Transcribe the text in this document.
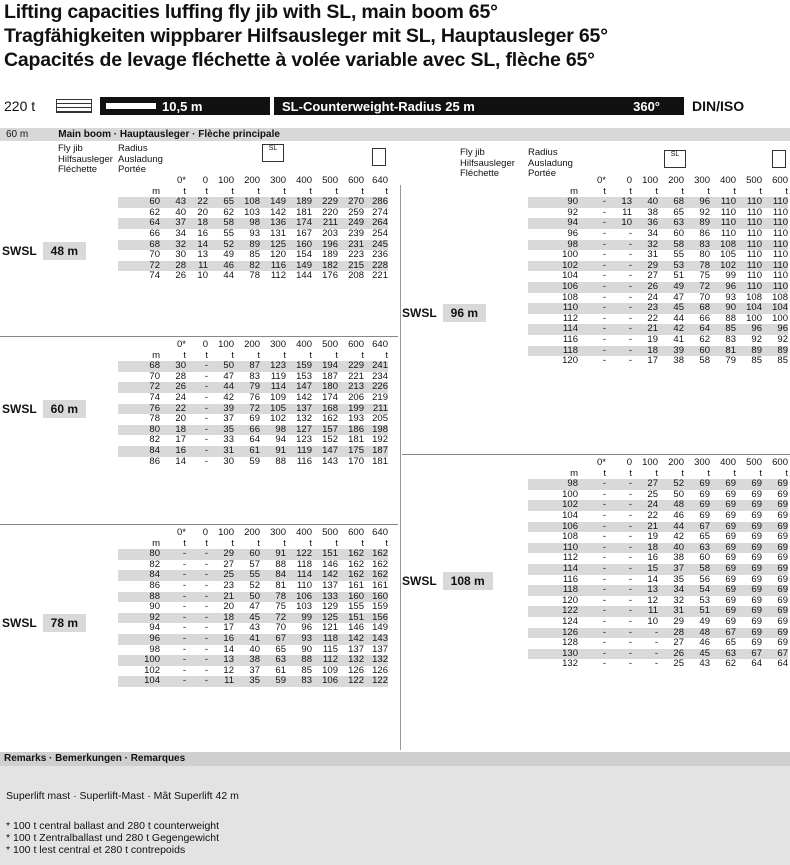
Lifting capacities luffing fly jib with SL, main boom 65°
Tragfähigkeiten wippbarer Hilfsausleger mit SL, Hauptausleger 65°
Capacités de levage fléchette à volée variable avec SL, flèche 65°
220 t	10,5 m	SL-Counterweight-Radius 25 m	360° DIN/ISO
60 m	Main boom · Hauptausleger · Flèche principale
Fly jib
Hilfsausleger
Fléchette
Radius
Ausladung
Portée
SL	Fly jib
Hilfsausleger
Fléchette
Radius
Ausladung
Portée
SL
	0*	0	100	200	300	400	500	600	640
m	t	t	t	t	t	t	t	t	t
60	43	22	65	108	149	189	229	270	286
62	40	20	62	103	142	181	220	259	274
64	37	18	58	98	136	174	211	249	264
66	34	16	55	93	131	167	203	239	254
68	32	14	52	89	125	160	196	231	245
70	30	13	49	85	120	154	189	223	236
72	28	11	46	82	116	149	182	215	228
74	26	10	44	78	112	144	176	208	221
SWSL 48 m
	0*	0	100	200	300	400	500	600	640
m	t	t	t	t	t	t	t	t	t
68	30	-	50	87	123	159	194	229	241
70	28	-	47	83	119	153	187	221	234
72	26	-	44	79	114	147	180	213	226
74	24	-	42	76	109	142	174	206	219
76	22	-	39	72	105	137	168	199	211
78	20	-	37	69	102	132	162	193	205
80	18	-	35	66	98	127	157	186	198
82	17	-	33	64	94	123	152	181	192
84	16	-	31	61	91	119	147	175	187
86	14	-	30	59	88	116	143	170	181
SWSL 60 m
	0*	0	100	200	300	400	500	600	640
m	t	t	t	t	t	t	t	t	t
80	-	-	29	60	91	122	151	162	162
82	-	-	27	57	88	118	146	162	162
84	-	-	25	55	84	114	142	162	162
86	-	-	23	52	81	110	137	161	161
88	-	-	21	50	78	106	133	160	160
90	-	-	20	47	75	103	129	155	159
92	-	-	18	45	72	99	125	151	156
94	-	-	17	43	70	96	121	146	149
96	-	-	16	41	67	93	118	142	143
98	-	-	14	40	65	90	115	137	137
100	-	-	13	38	63	88	112	132	132
102	-	-	12	37	61	85	109	126	126
104	-	-	11	35	59	83	106	122	122
SWSL 78 m
	0*	0	100	200	300	400	500	600
m	t	t	t	t	t	t	t	t
90	-	13	40	68	96	110	110	110
92	-	11	38	65	92	110	110	110
94	-	10	36	63	89	110	110	110
96	-	-	34	60	86	110	110	110
98	-	-	32	58	83	108	110	110
100	-	-	31	55	80	105	110	110
102	-	-	29	53	78	102	110	110
104	-	-	27	51	75	99	110	110
106	-	-	26	49	72	96	110	110
108	-	-	24	47	70	93	108	108
110	-	-	23	45	68	90	104	104
112	-	-	22	44	66	88	100	100
114	-	-	21	42	64	85	96	96
116	-	-	19	41	62	83	92	92
118	-	-	18	39	60	81	89	89
120	-	-	17	38	58	79	85	85
SWSL 96 m
	0*	0	100	200	300	400	500	600
m	t	t	t	t	t	t	t	t
98	-	-	27	52	69	69	69	69
100	-	-	25	50	69	69	69	69
102	-	-	24	48	69	69	69	69
104	-	-	22	46	69	69	69	69
106	-	-	21	44	67	69	69	69
108	-	-	19	42	65	69	69	69
110	-	-	18	40	63	69	69	69
112	-	-	16	38	60	69	69	69
114	-	-	15	37	58	69	69	69
116	-	-	14	35	56	69	69	69
118	-	-	13	34	54	69	69	69
120	-	-	12	32	53	69	69	69
122	-	-	11	31	51	69	69	69
124	-	-	10	29	49	69	69	69
126	-	-	-	28	48	67	69	69
128	-	-	-	27	46	65	69	69
130	-	-	-	26	45	63	67	67
132	-	-	-	25	43	62	64	64
SWSL 108 m
Remarks · Bemerkungen · Remarques
Superlift mast · Superlift-Mast · Mât Superlift 42 m
* 100 t central ballast and 280 t counterweight
* 100 t Zentralballast und 280 t Gegengewicht
* 100 t lest central et 280 t contrepoids
